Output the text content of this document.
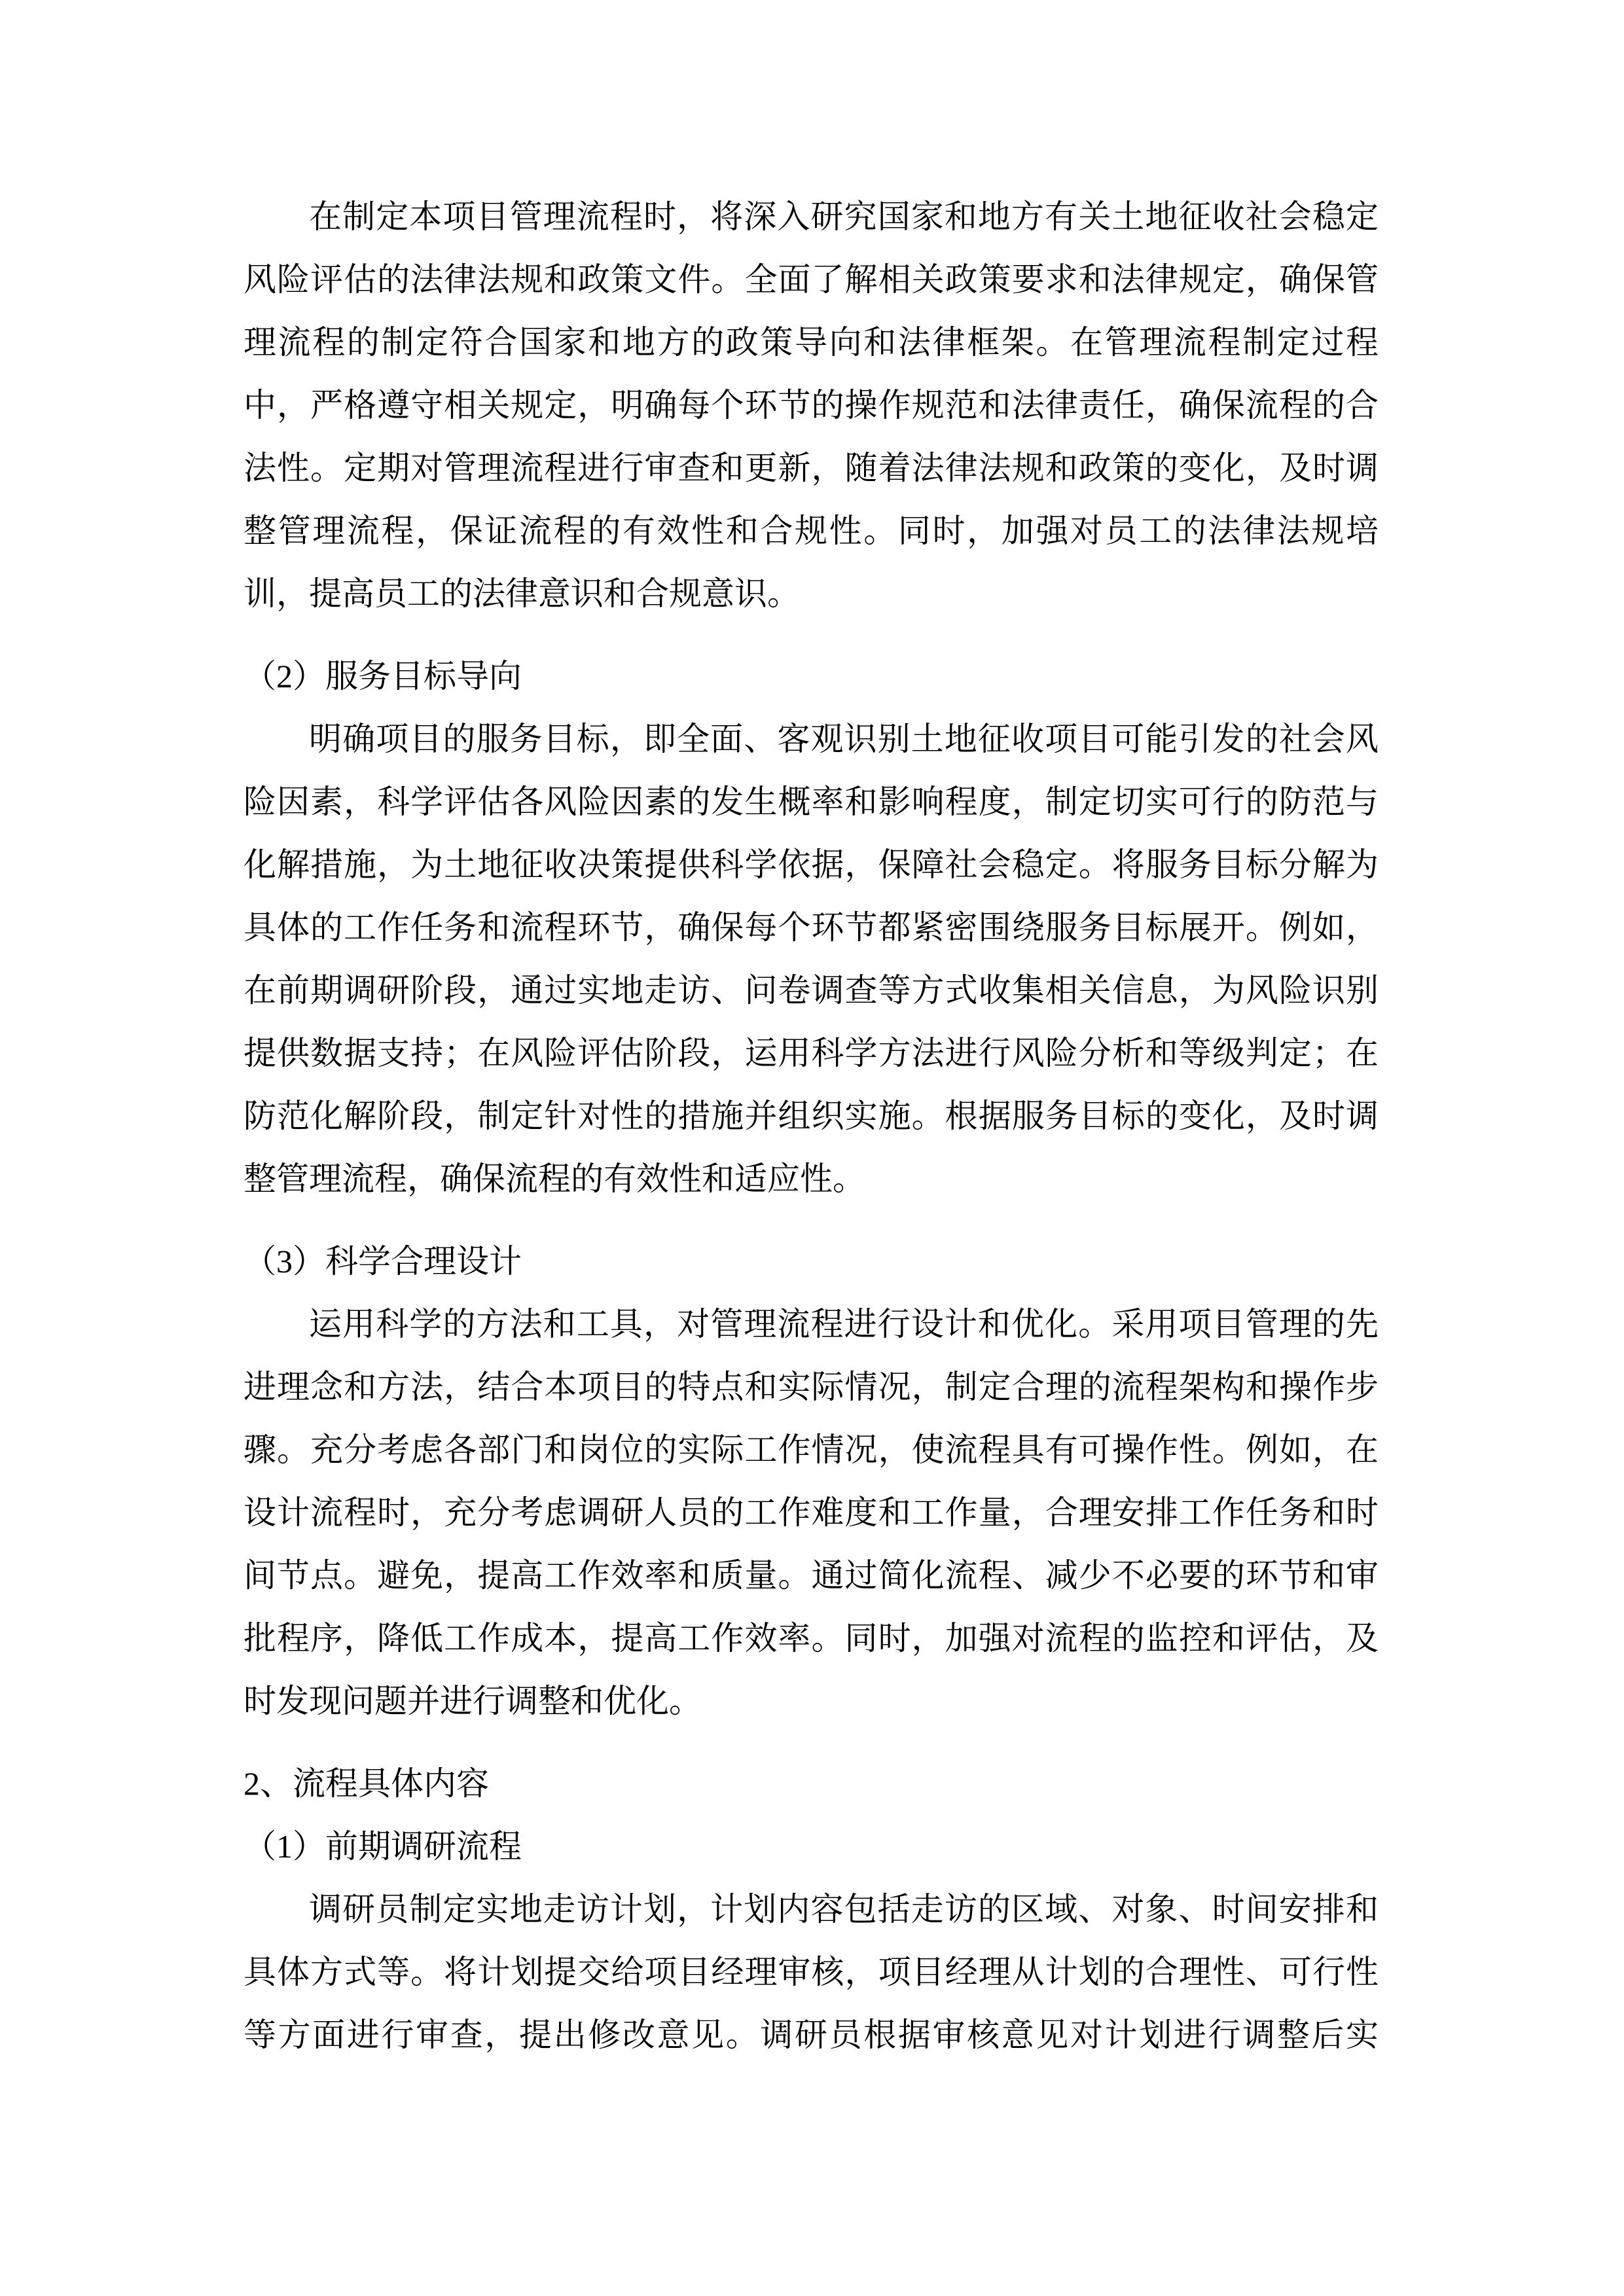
在制定本项目管理流程时，将深入研究国家和地方有关土地征收社会稳定
风险评估的法律法规和政策文件。全面了解相关政策要求和法律规定，确保管
理流程的制定符合国家和地方的政策导向和法律框架。在管理流程制定过程
中，严格遵守相关规定，明确每个环节的操作规范和法律责任，确保流程的合
法性。定期对管理流程进行审查和更新，随着法律法规和政策的变化，及时调
整管理流程，保证流程的有效性和合规性。同时，加强对员工的法律法规培
训，提高员工的法律意识和合规意识。
（2）服务目标导向
明确项目的服务目标，即全面、客观识别土地征收项目可能引发的社会风
险因素，科学评估各风险因素的发生概率和影响程度，制定切实可行的防范与
化解措施，为土地征收决策提供科学依据，保障社会稳定。将服务目标分解为
具体的工作任务和流程环节，确保每个环节都紧密围绕服务目标展开。例如，
在前期调研阶段，通过实地走访、问卷调查等方式收集相关信息，为风险识别
提供数据支持；在风险评估阶段，运用科学方法进行风险分析和等级判定；在
防范化解阶段，制定针对性的措施并组织实施。根据服务目标的变化，及时调
整管理流程，确保流程的有效性和适应性。
（3）科学合理设计
运用科学的方法和工具，对管理流程进行设计和优化。采用项目管理的先
进理念和方法，结合本项目的特点和实际情况，制定合理的流程架构和操作步
骤。充分考虑各部门和岗位的实际工作情况，使流程具有可操作性。例如，在
设计流程时，充分考虑调研人员的工作难度和工作量，合理安排工作任务和时
间节点。避免，提高工作效率和质量。通过简化流程、减少不必要的环节和审
批程序，降低工作成本，提高工作效率。同时，加强对流程的监控和评估，及
时发现问题并进行调整和优化。
2、流程具体内容
（1）前期调研流程
调研员制定实地走访计划，计划内容包括走访的区域、对象、时间安排和
具体方式等。将计划提交给项目经理审核，项目经理从计划的合理性、可行性
等方面进行审查，提出修改意见。调研员根据审核意见对计划进行调整后实
